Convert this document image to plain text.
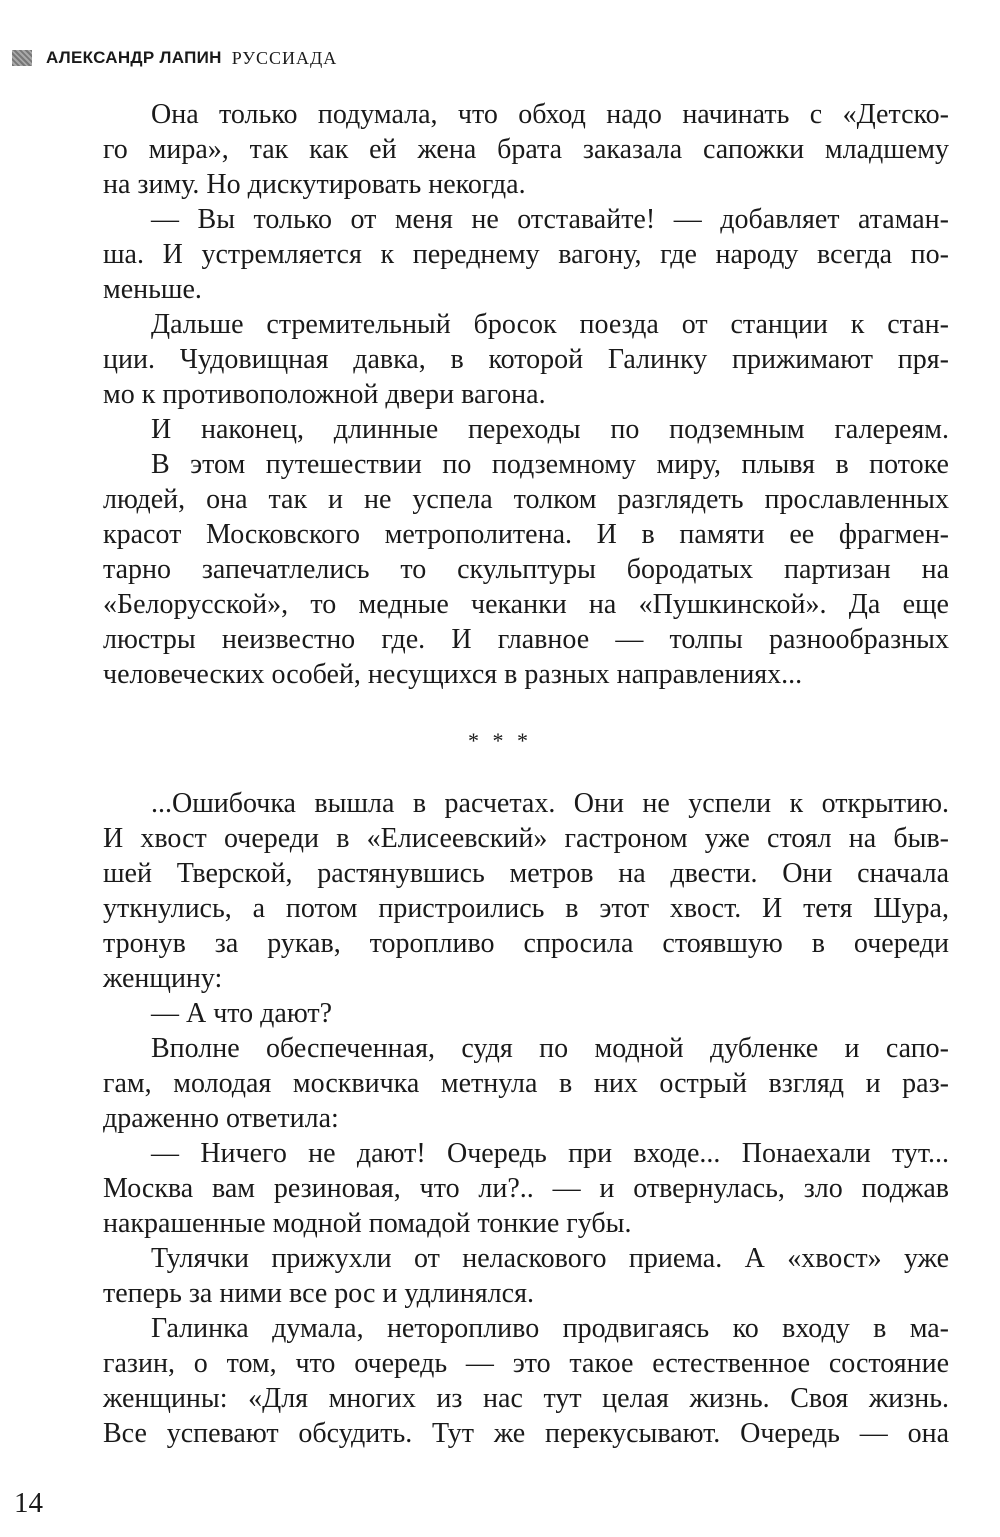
АЛЕКСАНДР ЛАПИН РУССИАДА
Она только подумала, что обход надо начинать с «Детско-
го мира», так как ей жена брата заказала сапожки младшему
на зиму. Но дискутировать некогда.
— Вы только от меня не отставайте! — добавляет атаман-
ша. И устремляется к переднему вагону, где народу всегда по-
меньше.
Дальше стремительный бросок поезда от станции к стан-
ции. Чудовищная давка, в которой Галинку прижимают пря-
мо к противоположной двери вагона.
И наконец, длинные переходы по подземным галереям.
В этом путешествии по подземному миру, плывя в потоке
людей, она так и не успела толком разглядеть прославленных
красот Московского метрополитена. И в памяти ее фрагмен-
тарно запечатлелись то скульптуры бородатых партизан на
«Белорусской», то медные чеканки на «Пушкинской». Да еще
люстры неизвестно где. И главное — толпы разнообразных
человеческих особей, несущихся в разных направлениях...
* * *
...Ошибочка вышла в расчетах. Они не успели к открытию.
И хвост очереди в «Елисеевский» гастроном уже стоял на быв-
шей Тверской, растянувшись метров на двести. Они сначала
уткнулись, а потом пристроились в этот хвост. И тетя Шура,
тронув за рукав, торопливо спросила стоявшую в очереди
женщину:
— А что дают?
Вполне обеспеченная, судя по модной дубленке и сапо-
гам, молодая москвичка метнула в них острый взгляд и раз-
драженно ответила:
— Ничего не дают! Очередь при входе... Понаехали тут...
Москва вам резиновая, что ли?.. — и отвернулась, зло поджав
накрашенные модной помадой тонкие губы.
Тулячки прижухли от неласкового приема. А «хвост» уже
теперь за ними все рос и удлинялся.
Галинка думала, неторопливо продвигаясь ко входу в ма-
газин, о том, что очередь — это такое естественное состояние
женщины: «Для многих из нас тут целая жизнь. Своя жизнь.
Все успевают обсудить. Тут же перекусывают. Очередь — она
14
